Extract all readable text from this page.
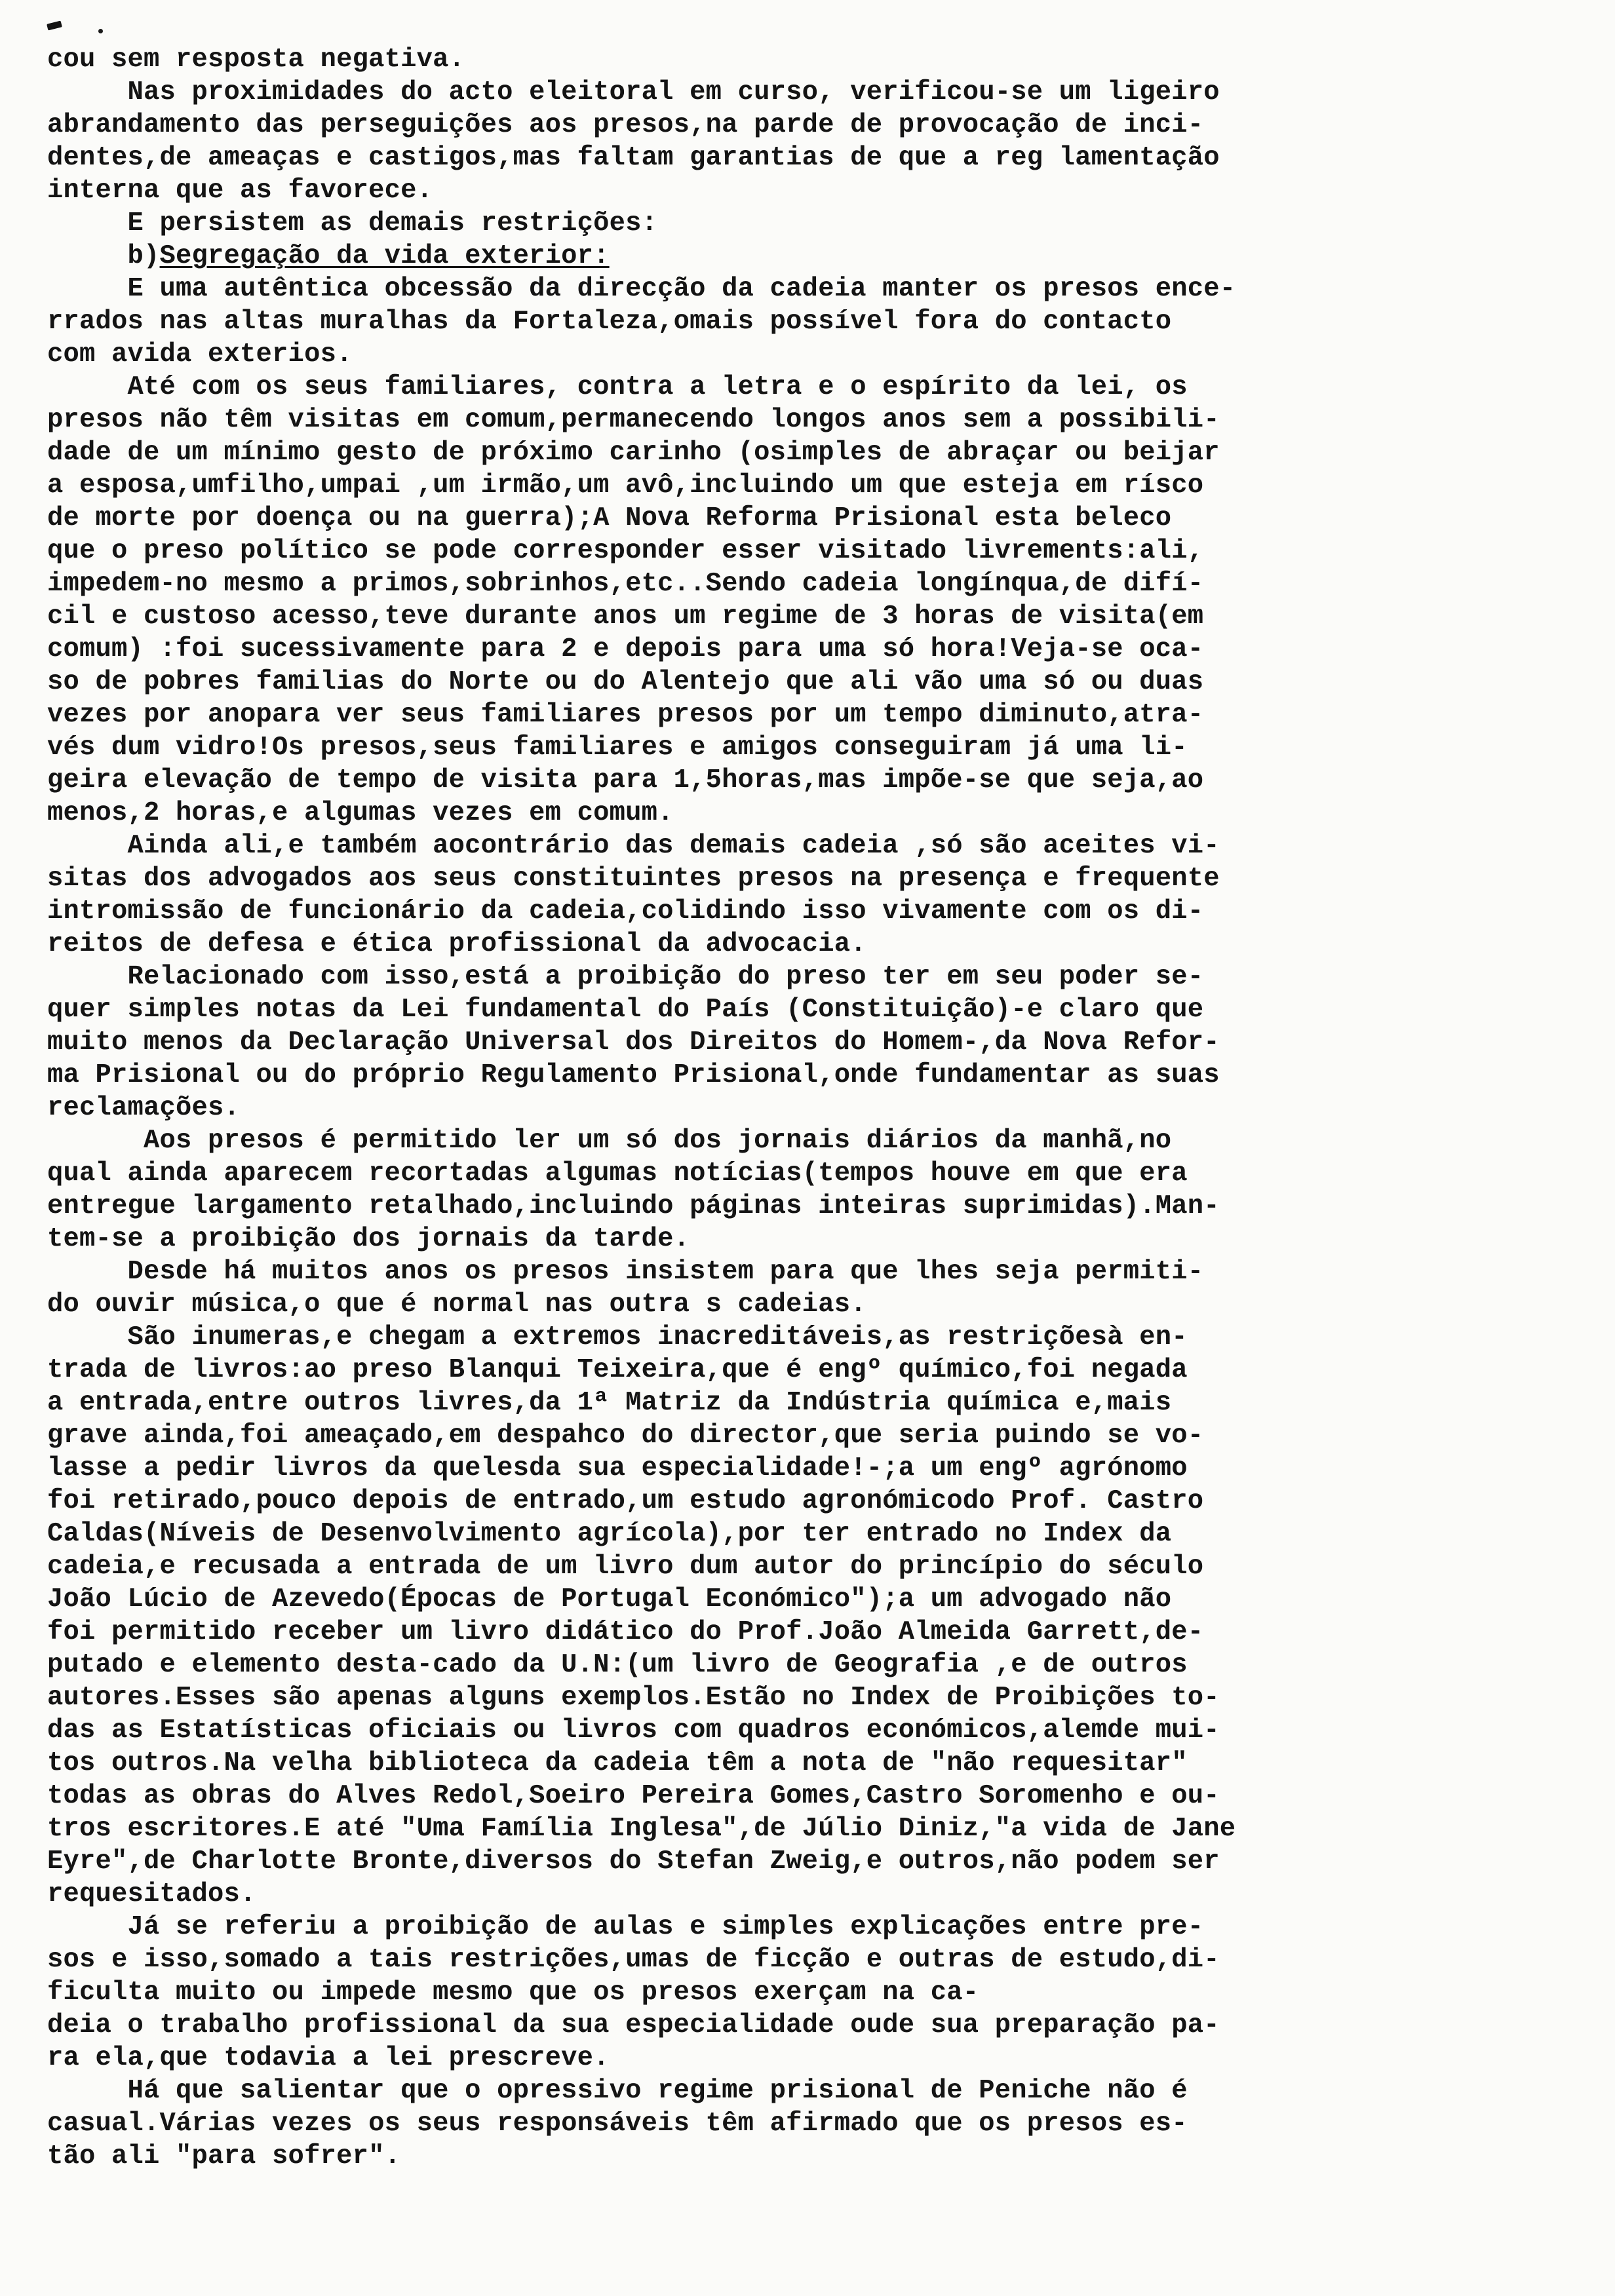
cou sem resposta negativa.
Nas proximidades do acto eleitoral em curso, verificou-se um ligeiro
abrandamento das perseguições aos presos,na parde de provocação de inci-
dentes,de ameaças e castigos,mas faltam garantias de que a reg lamentação
interna que as favorece.
E persistem as demais restrições:
b)Segregação da vida exterior:
E uma autêntica obcessão da direcção da cadeia manter os presos ence-
rrados nas altas muralhas da Fortaleza,omais possível fora do contacto
com avida exterios.
Até com os seus familiares, contra a letra e o espírito da lei, os
presos não têm visitas em comum,permanecendo longos anos sem a possibili-
dade de um mínimo gesto de próximo carinho (osimples de abraçar ou beijar
a esposa,umfilho,umpai ,um irmão,um avô,incluindo um que esteja em rísco
de morte por doença ou na guerra);A Nova Reforma Prisional esta beleco
que o preso político se pode corresponder esser visitado livrements:ali,
impedem-no mesmo a primos,sobrinhos,etc..Sendo cadeia longínqua,de difí-
cil e custoso acesso,teve durante anos um regime de 3 horas de visita(em
comum) :foi sucessivamente para 2 e depois para uma só hora!Veja-se oca-
so de pobres familias do Norte ou do Alentejo que ali vão uma só ou duas
vezes por anopara ver seus familiares presos por um tempo diminuto,atra-
vés dum vidro!Os presos,seus familiares e amigos conseguiram já uma li-
geira elevação de tempo de visita para 1,5horas,mas impõe-se que seja,ao
menos,2 horas,e algumas vezes em comum.
Ainda ali,e também aocontrário das demais cadeia ,só são aceites vi-
sitas dos advogados aos seus constituintes presos na presença e frequente
intromissão de funcionário da cadeia,colidindo isso vivamente com os di-
reitos de defesa e ética profissional da advocacia.
Relacionado com isso,está a proibição do preso ter em seu poder se-
quer simples notas da Lei fundamental do País (Constituição)-e claro que
muito menos da Declaração Universal dos Direitos do Homem-,da Nova Refor-
ma Prisional ou do próprio Regulamento Prisional,onde fundamentar as suas
reclamações.
Aos presos é permitido ler um só dos jornais diários da manhã,no
qual ainda aparecem recortadas algumas notícias(tempos houve em que era
entregue largamento retalhado,incluindo páginas inteiras suprimidas).Man-
tem-se a proibição dos jornais da tarde.
Desde há muitos anos os presos insistem para que lhes seja permiti-
do ouvir música,o que é normal nas outra s cadeias.
São inumeras,e chegam a extremos inacreditáveis,as restriçõesà en-
trada de livros:ao preso Blanqui Teixeira,que é engº químico,foi negada
a entrada,entre outros livres,da 1ª Matriz da Indústria química e,mais
grave ainda,foi ameaçado,em despahco do director,que seria puindo se vo-
lasse a pedir livros da quelesda sua especialidade!-;a um engº agrónomo
foi retirado,pouco depois de entrado,um estudo agronómicodo Prof. Castro
Caldas(Níveis de Desenvolvimento agrícola),por ter entrado no Index da
cadeia,e recusada a entrada de um livro dum autor do princípio do século
João Lúcio de Azevedo(Épocas de Portugal Económico");a um advogado não
foi permitido receber um livro didático do Prof.João Almeida Garrett,de-
putado e elemento desta-cado da U.N:(um livro de Geografia ,e de outros
autores.Esses são apenas alguns exemplos.Estão no Index de Proibições to-
das as Estatísticas oficiais ou livros com quadros económicos,alemde mui-
tos outros.Na velha biblioteca da cadeia têm a nota de "não requesitar"
todas as obras do Alves Redol,Soeiro Pereira Gomes,Castro Soromenho e ou-
tros escritores.E até "Uma Família Inglesa",de Júlio Diniz,"a vida de Jane
Eyre",de Charlotte Bronte,diversos do Stefan Zweig,e outros,não podem ser
requesitados.
Já se referiu a proibição de aulas e simples explicações entre pre-
sos e isso,somado a tais restrições,umas de ficção e outras de estudo,di-
ficulta muito ou impede mesmo que os presos exerçam na ca-
deia o trabalho profissional da sua especialidade oude sua preparação pa-
ra ela,que todavia a lei prescreve.
Há que salientar que o opressivo regime prisional de Peniche não é
casual.Várias vezes os seus responsáveis têm afirmado que os presos es-
tão ali "para sofrer".
